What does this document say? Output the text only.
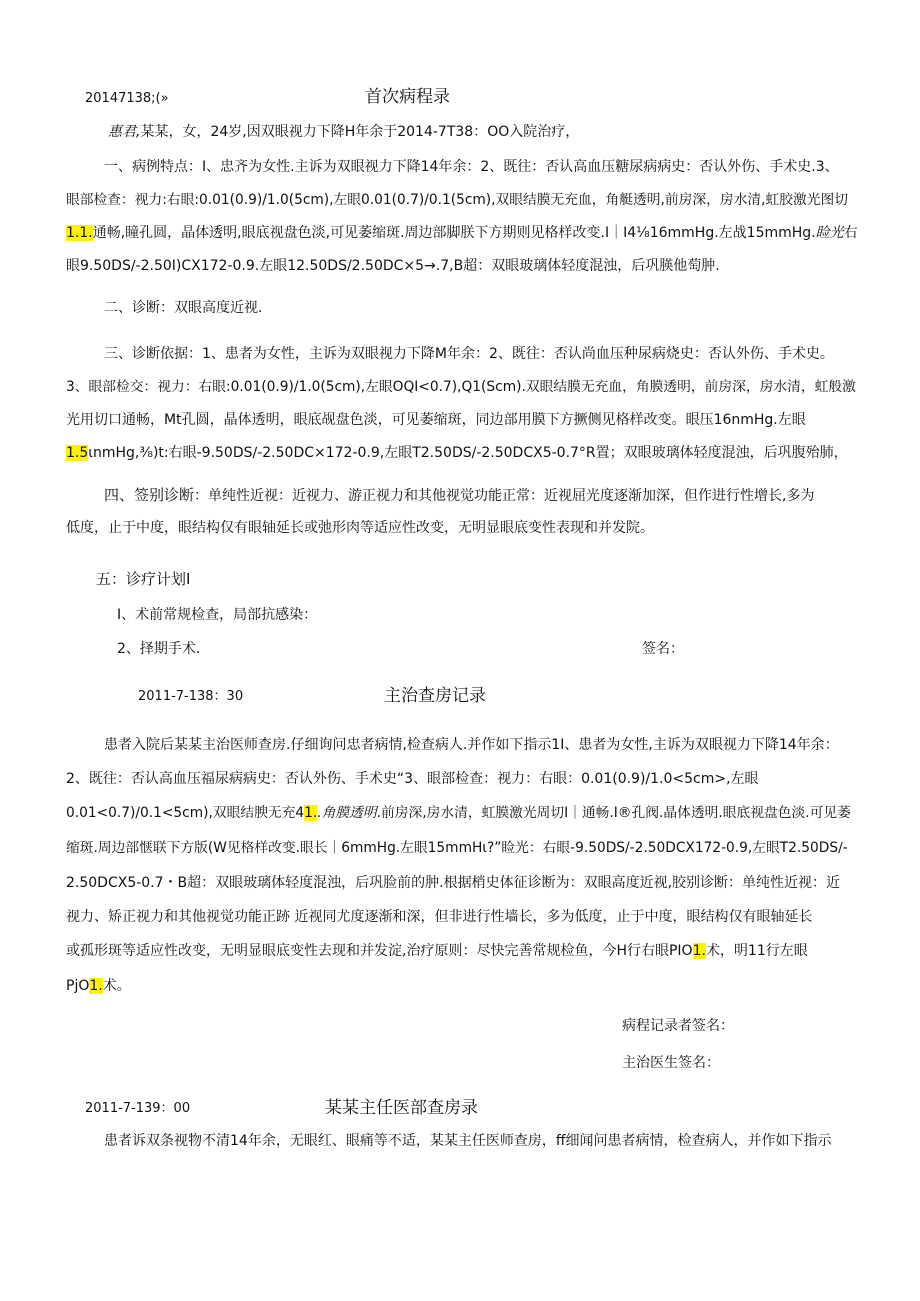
20147138;(»	首次病程录
惠君,某某，女，24岁,因双眼视力下降H年余于2014-7T38：OO入院治疗，
一、病例特点：I、忠齐为女性.主诉为双眼视力下降14年余：2、既往：否认高血压糖尿病病史：否认外伤、手术史.3、
眼部检查：视力:右眼:0.01(0.9)/1.0(5cm),左眼0.01(0.7)/0.1(5cm),双眼结膜无充血，角艇透明,前房深，房水清,虹胶激光图切
1.1.通畅,瞳孔圆，晶体透明,眼底视盘色淡,可见萎缩斑.周边部脚朕下方期则见格样改变.I｜I4⅛16mmHg.左战15mmHg.睑光右
眼9.50DS∕-2.50I)CX172-0.9.左眼12.50DS/2.50DC×5→.7,B超：双眼玻璃体轻度混浊，后巩朠他萄肿.
二、诊断：双眼高度近视.
三、诊断依据：1、患者为女性，主诉为双眼视力下降M年余：2、既往：否认尚血压种尿病烧史：否认外伤、手术史。
3、眼部检交：视力：右眼:0.01(0.9)/1.0(5cm),左眼OQI<0.7),Q1(Scm).双眼结膜无充血，角膜透明，前房深，房水清，虹般激
光用切口通畅，Mt孔圆，晶体透明，眼底觇盘色淡，可见萎缩斑，同边部用膜下方撅侧见格样改变。眼压16nmHg.左眼
1.5ιnmHg,⅜)t:右眼-9.50DS∕-2.50DC×172-0.9,左眼T2.50DS/-2.50DCX5-0.7°R置；双眼玻璃体轻度混浊，后巩腹殆肺，
四、签别诊断：单纯性近视：近视力、游正视力和其他视觉功能正常：近视屈光度逐渐加深，但作进行性增长,多为
低度，止于中度，眼结构仅有眼轴延长或弛形肉等适应性改变，无明显眼底变性表现和并发院。
五：诊疗计划I
I、术前常规检查，局部抗感染：
2、择期手术.	签名：
2011-7-138：30	主治查房记录
患者入院后某某主治医师查房.仔细询问忠者病情,检查病人.并作如下指示1I、患者为女性,主诉为双眼视力下降14年余：
2、既往：否认高血压福尿病病史：否认外伤、手术史“3、眼部检查：视力：右眼：0.01(0.9)/1.0<5cm>,左眼
0.01<0.7)/0.1<5cm),双眼结腴无充41..角膜透明.前房深,房水清，虹膜激光周切I｜通畅.I®孔阀.晶体透明.眼底视盘色淡.可见萎
缩斑.周边部惬联下方版(W见格样改变.眼长｜6mmHg.左眼15mmHι?”睑光：右眼-9.50DS/-2.50DCX172-0.9,左眼T2.50DS∕-
2.50DCX5-0.7・B超：双眼玻璃体轻度混浊，后巩脸前的肿.根据梢史体征诊断为：双眼高度近视,胶别诊断：单纯性近视：近
视力、矫正视力和其他视觉功能正跡 近视同尤度逐渐和深，但非进行性墙长，多为低度，止于中度，眼结构仅有眼轴延长
或孤形斑等适应性改变，无明显眼底变性去现和并发淀,治疗原则：尽快完善常规检鱼，今H行右眼PIO1.术，明11行左眼
PjO1.术。
病程记录者签名：
主治医生签名：
2011-7-139：00	某某主任医部查房录
患者诉双条视物不清14年余，无眼红、眼痛等不适，某某主任医师查房，ff细闻问患者病情，检查病人，并作如下指示
